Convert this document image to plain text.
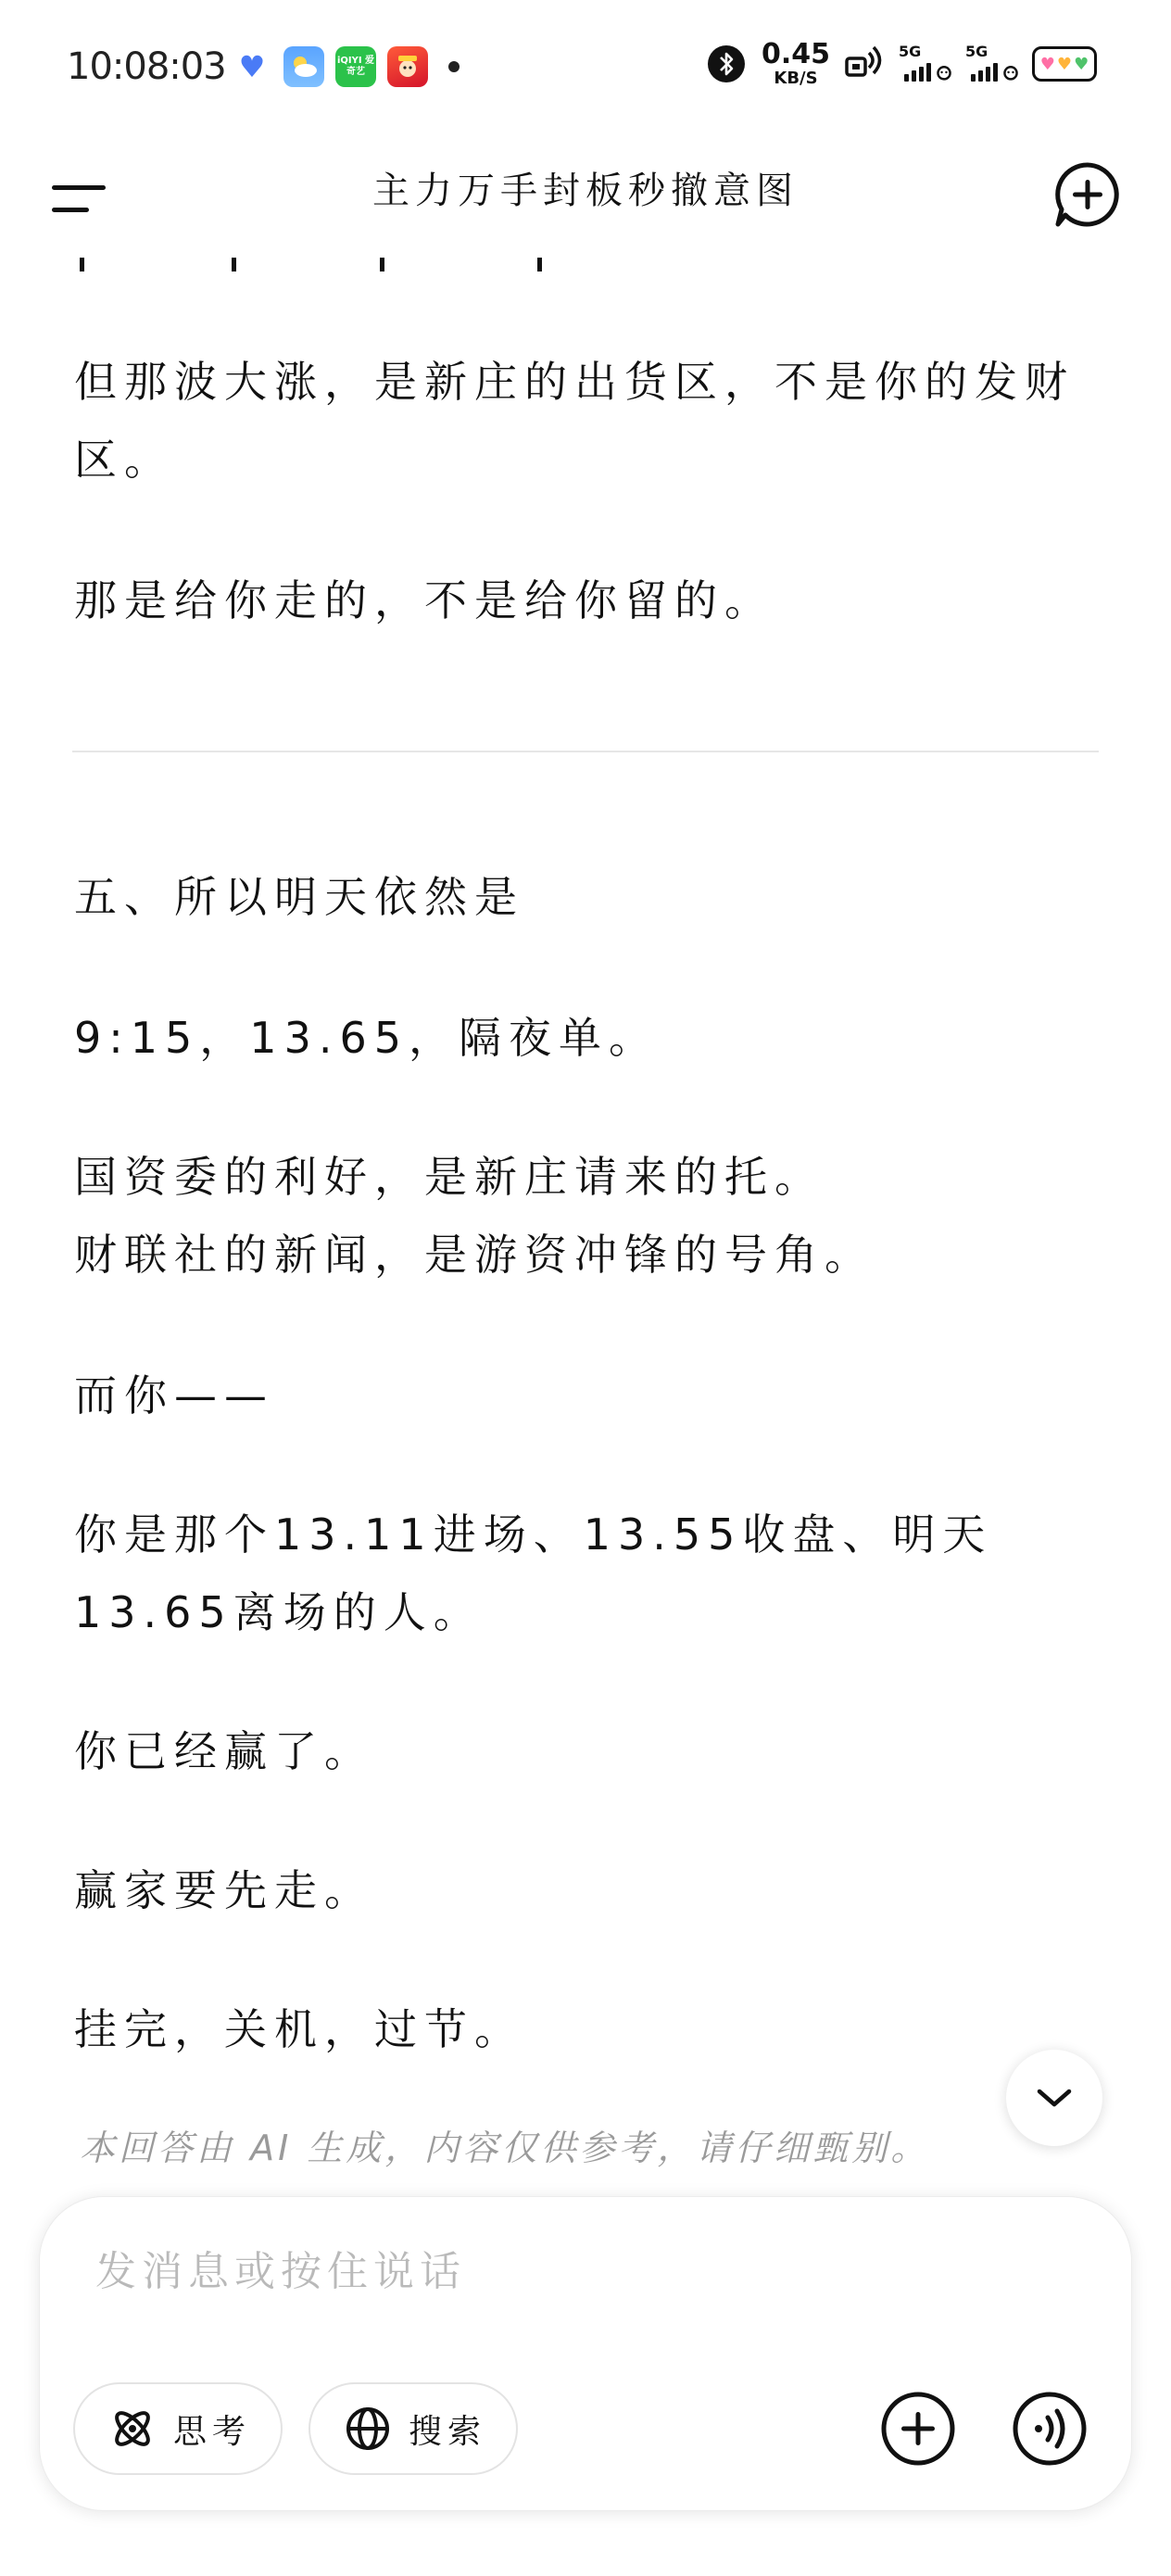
10:08:03 ♥	iQIYI 爱奇艺
0.45
KB/S
5G	5G
♥ ♥ ♥
主力万手封板秒撤意图
但那波大涨，是新庄的出货区，不是你的发财区。
那是给你走的，不是给你留的。
五、所以明天依然是
9:15，13.65，隔夜单。
国资委的利好，是新庄请来的托。
财联社的新闻，是游资冲锋的号角。
而你——
你是那个13.11进场、13.55收盘、明天13.65离场的人。
你已经赢了。
赢家要先走。
挂完，关机，过节。
本回答由 AI 生成，内容仅供参考，请仔细甄别。
发消息或按住说话
思考	搜索
